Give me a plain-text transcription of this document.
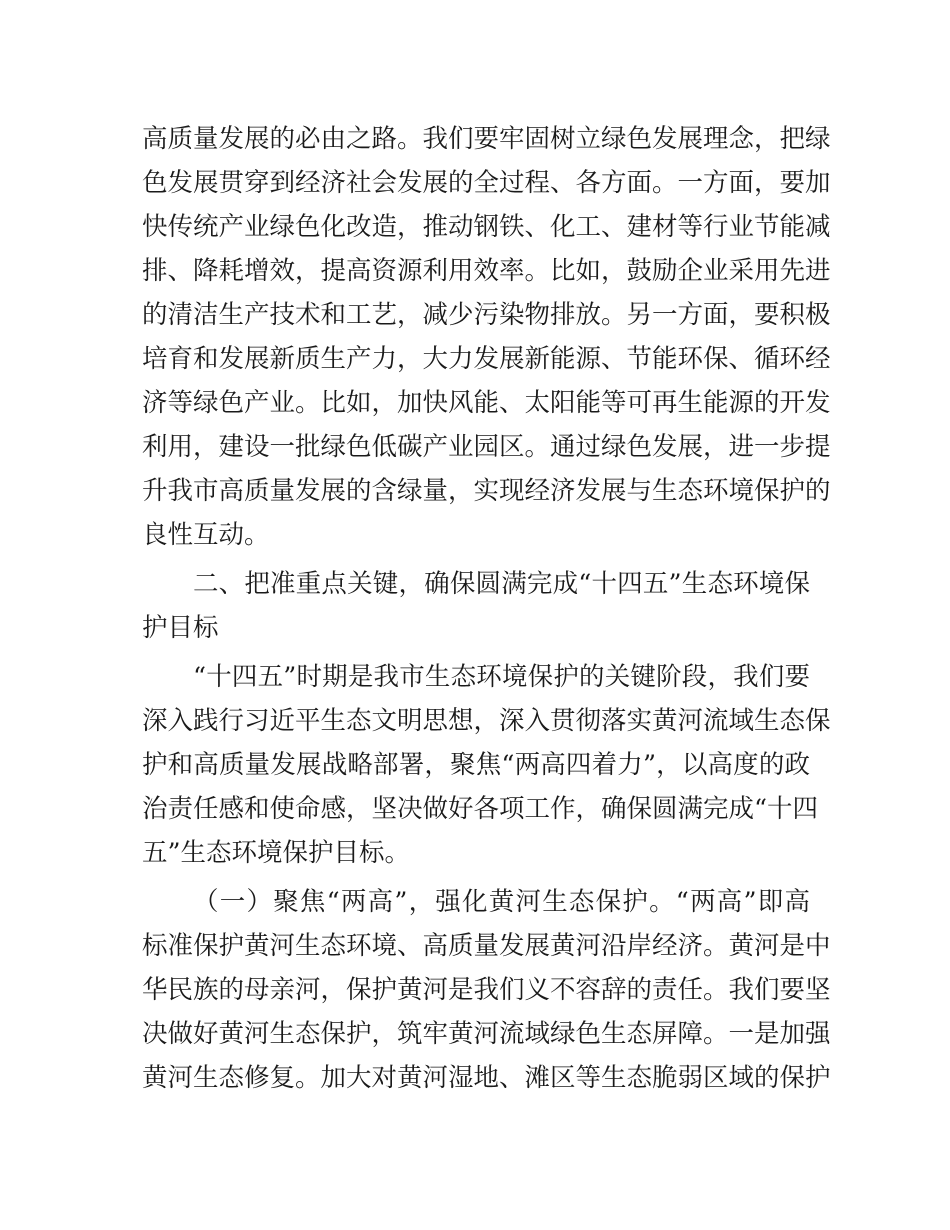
高质量发展的必由之路。我们要牢固树立绿色发展理念，把绿
色发展贯穿到经济社会发展的全过程、各方面。一方面，要加
快传统产业绿色化改造，推动钢铁、化工、建材等行业节能减
排、降耗增效，提高资源利用效率。比如，鼓励企业采用先进
的清洁生产技术和工艺，减少污染物排放。另一方面，要积极
培育和发展新质生产力，大力发展新能源、节能环保、循环经
济等绿色产业。比如，加快风能、太阳能等可再生能源的开发
利用，建设一批绿色低碳产业园区。通过绿色发展，进一步提
升我市高质量发展的含绿量，实现经济发展与生态环境保护的
良性互动。
二、把准重点关键，确保圆满完成“十四五”生态环境保
护目标
“十四五”时期是我市生态环境保护的关键阶段，我们要
深入践行习近平生态文明思想，深入贯彻落实黄河流域生态保
护和高质量发展战略部署，聚焦“两高四着力”，以高度的政
治责任感和使命感，坚决做好各项工作，确保圆满完成“十四
五”生态环境保护目标。
（一）聚焦“两高”，强化黄河生态保护。“两高”即高
标准保护黄河生态环境、高质量发展黄河沿岸经济。黄河是中
华民族的母亲河，保护黄河是我们义不容辞的责任。我们要坚
决做好黄河生态保护，筑牢黄河流域绿色生态屏障。一是加强
黄河生态修复。加大对黄河湿地、滩区等生态脆弱区域的保护
